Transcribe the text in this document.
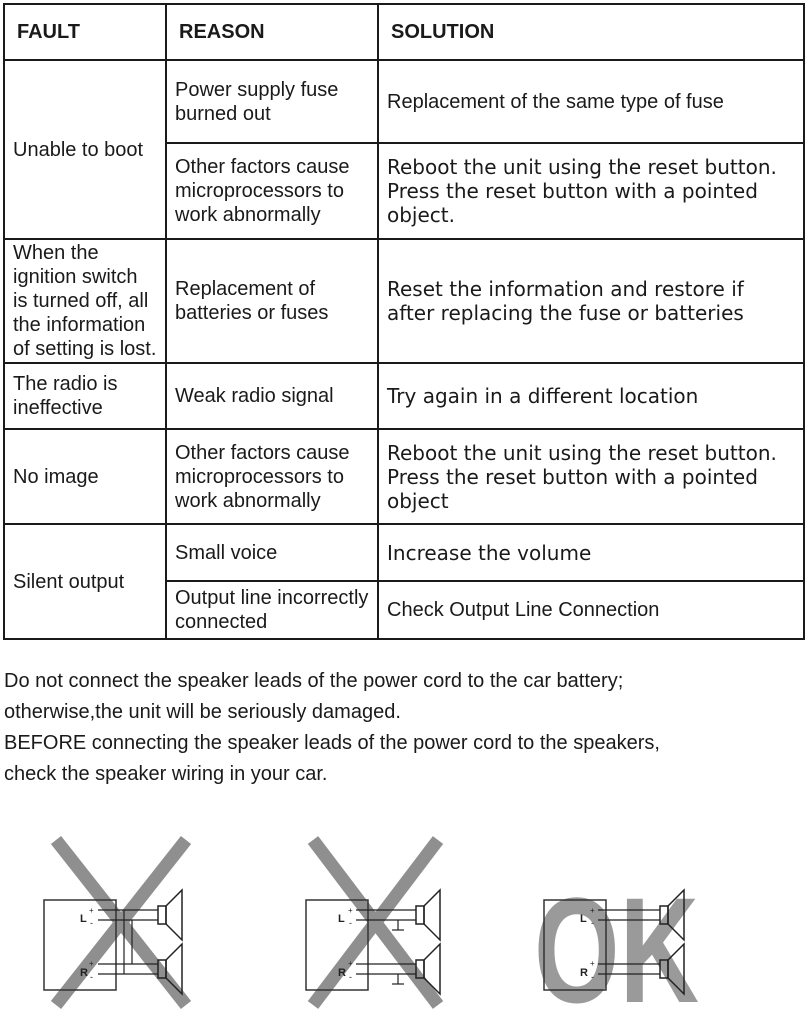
FAULT	REASON	SOLUTION
Unable to boot	Power supply fuse burned out	Replacement of the same type of fuse
	Other factors cause microprocessors to work abnormally	Reboot the unit using the reset button. Press the reset button with a pointed object.
When the ignition switch is turned off, all the information of setting is lost.	Replacement of batteries or fuses	Reset the information and restore if after replacing the fuse or batteries
The radio is ineffective	Weak radio signal	Try again in a different location
No image	Other factors cause microprocessors to work abnormally	Reboot the unit using the reset button. Press the reset button with a pointed object
Silent output	Small voice	Increase the volume
	Output line incorrectly connected	Check Output Line Connection

Do not connect the speaker leads of the power cord to the car battery;

otherwise,the unit will be seriously damaged.

BEFORE connecting the speaker leads of the power cord to the speakers,

check the speaker wiring in your car.

L
+
-
R
+
-
L
+
-
R
+
- OK
L
+
-
R
+
-
